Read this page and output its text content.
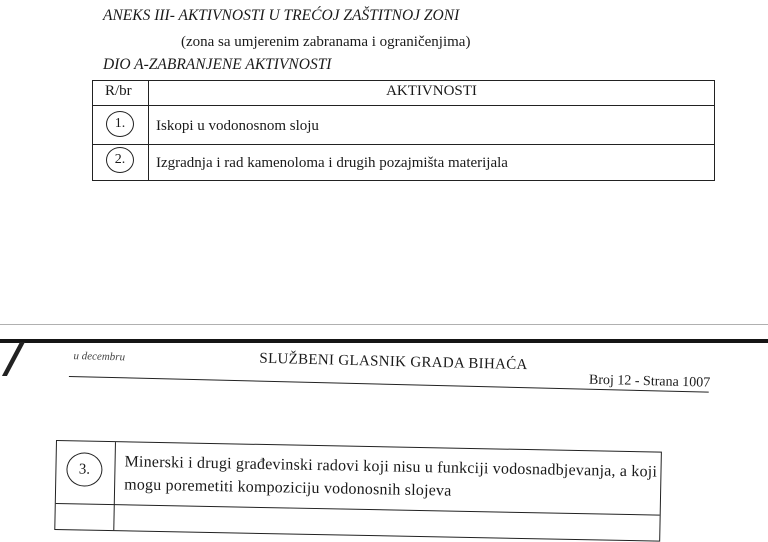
ANEKS III- AKTIVNOSTI U TREĆOJ ZAŠTITNOJ ZONI
(zona sa umjerenim zabranama i ograničenjima)
DIO A-ZABRANJENE AKTIVNOSTI
R/br	AKTIVNOSTI
1.	Iskopi u vodonosnom sloju
2.	Izgradnja i rad kamenoloma i drugih pozajmišta materijala
u decembru	SLUŽBENI GLASNIK GRADA BIHAĆA
Broj 12 - Strana 1007
3.	Minerski i drugi građevinski radovi koji nisu u funkciji vodosnadbjevanja, a koji
mogu poremetiti kompoziciju vodonosnih slojeva
